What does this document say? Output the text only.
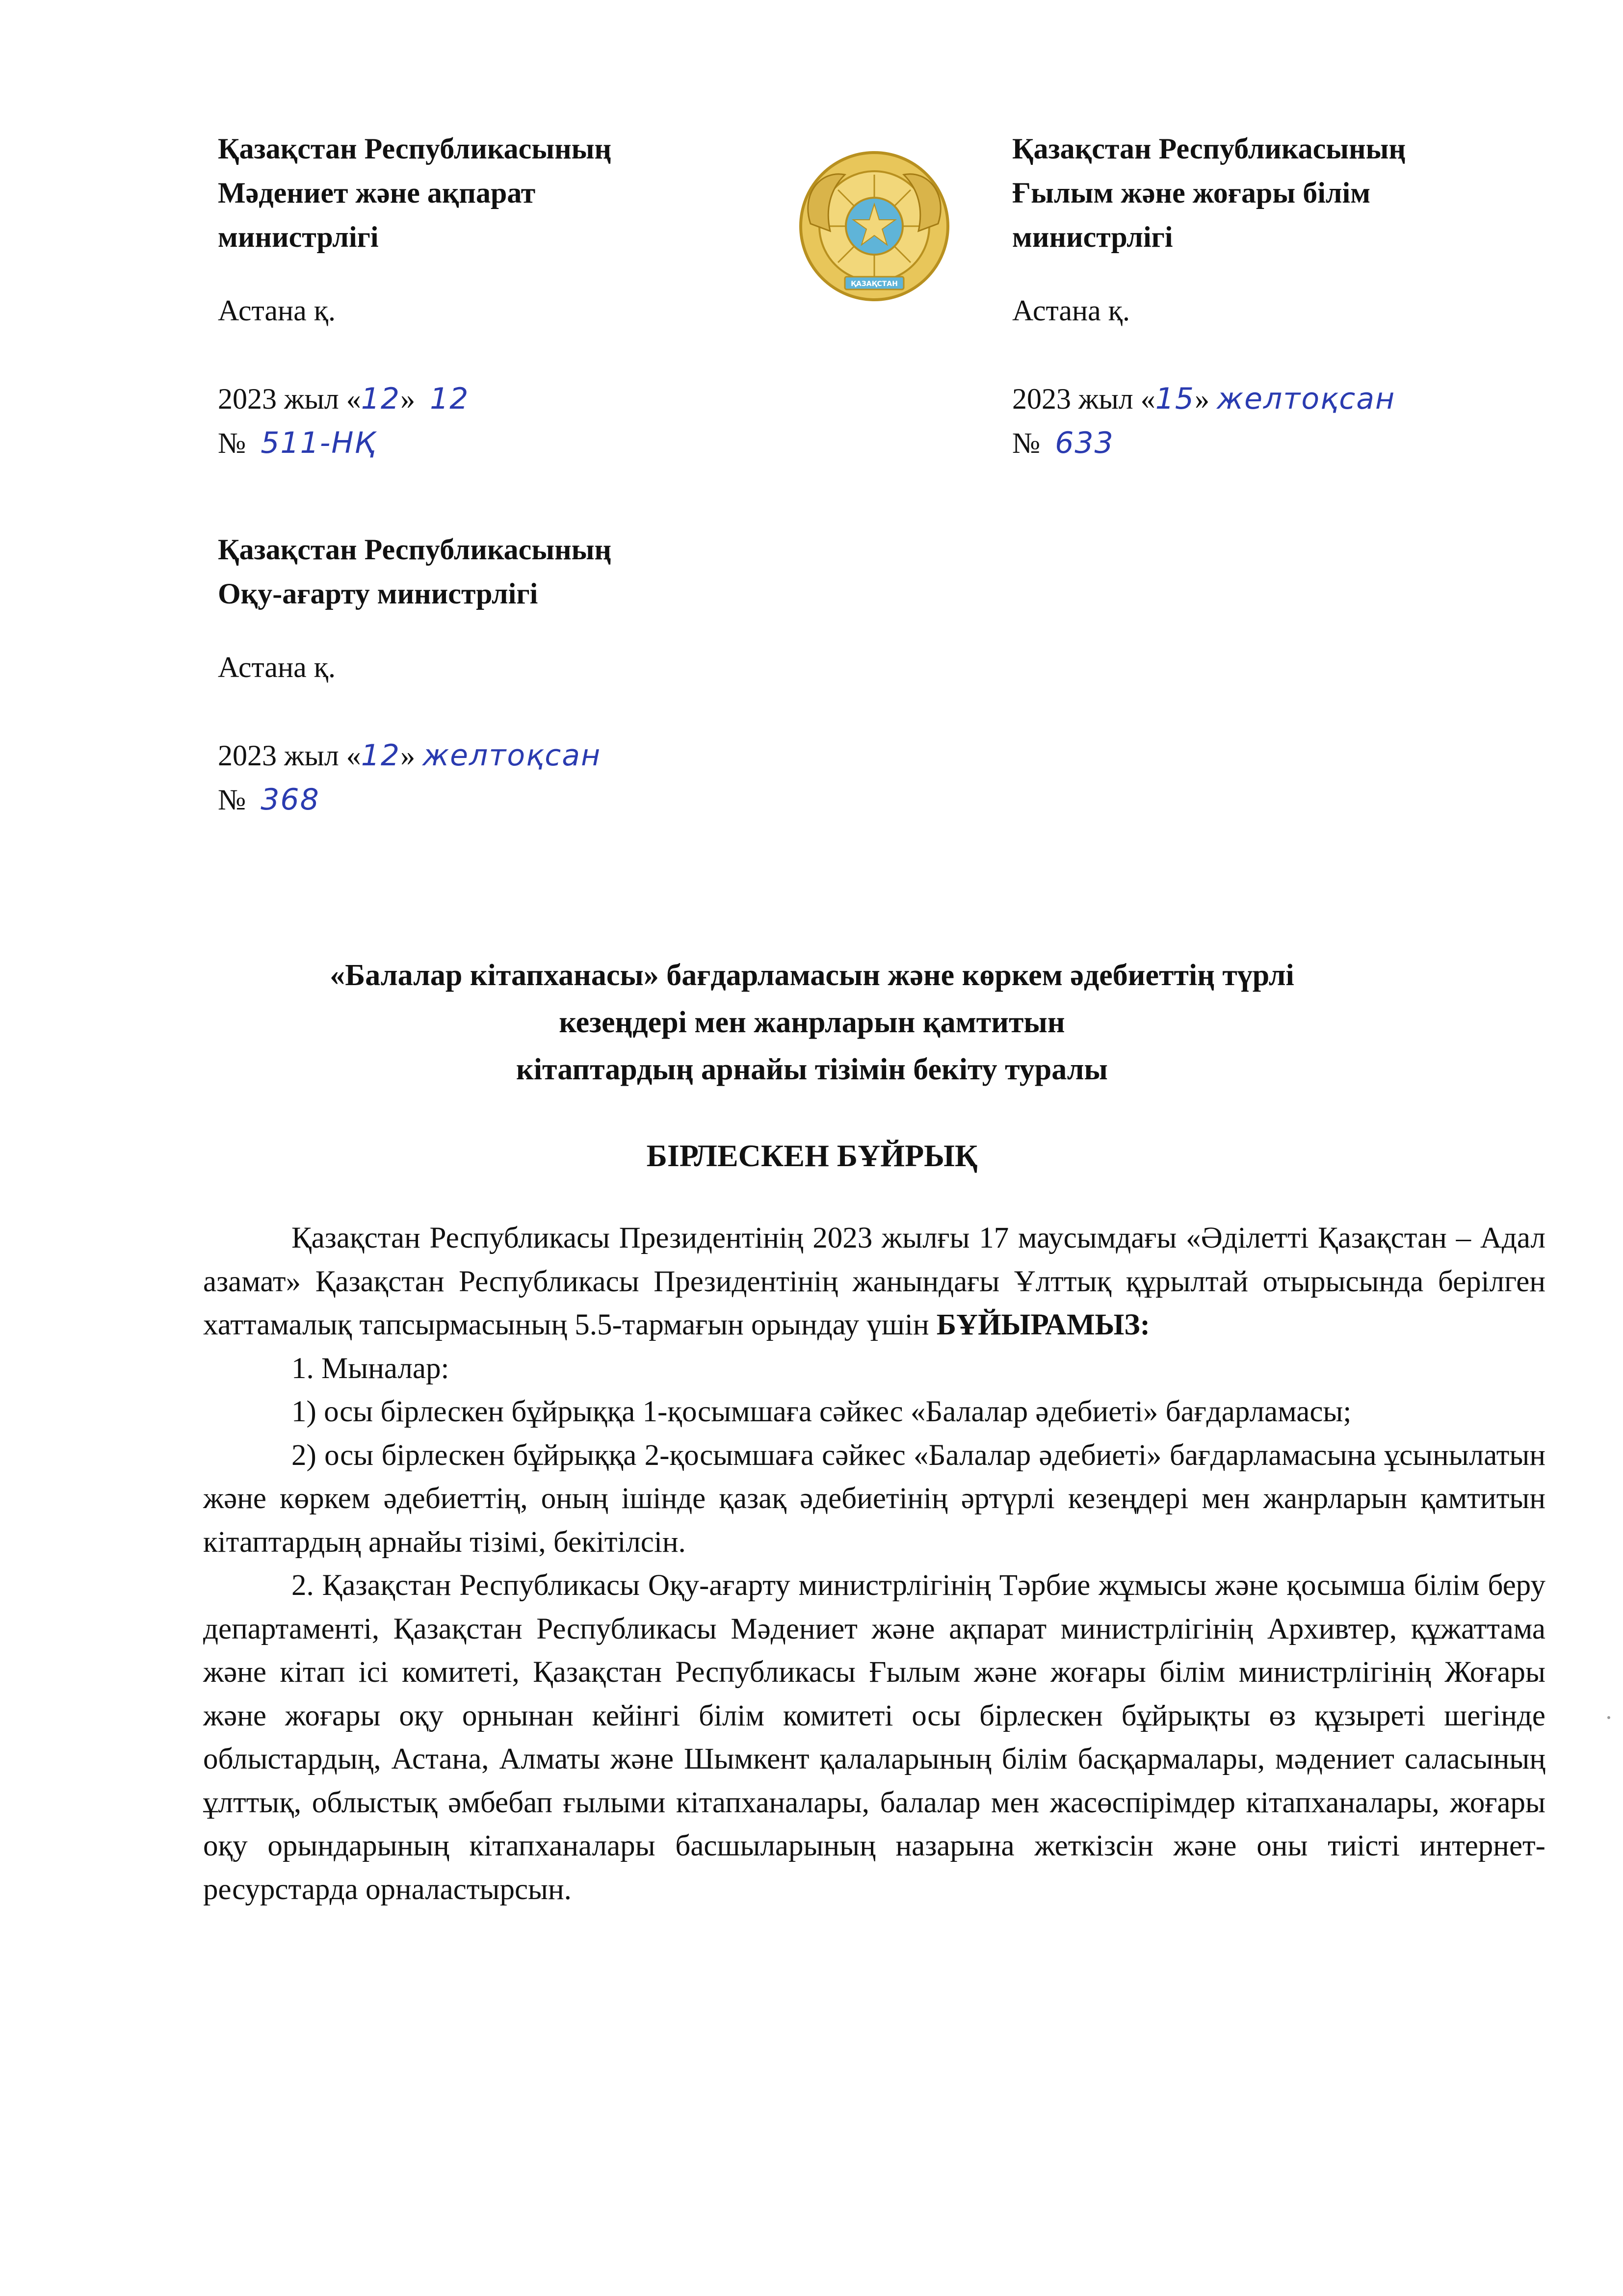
Қазақстан Республикасының
Мәдениет және ақпарат
министрлігі
Астана қ.
2023 жыл «12» 12
№ 511-НҚ
ҚАЗАҚСТАН
Қазақстан Республикасының
Ғылым және жоғары білім
министрлігі
Астана қ.
2023 жыл «15» желтоқсан
№ 633
Қазақстан Республикасының
Оқу-ағарту министрлігі
Астана қ.
2023 жыл «12» желтоқсан
№ 368
«Балалар кітапханасы» бағдарламасын және көркем әдебиеттің түрлі
кезеңдері мен жанрларын қамтитын
кітаптардың арнайы тізімін бекіту туралы
БІРЛЕСКЕН БҰЙРЫҚ

Қазақстан Республикасы Президентінің 2023 жылғы 17 маусымдағы «Әділетті Қазақстан – Адал азамат» Қазақстан Республикасы Президентінің жанындағы Ұлттық құрылтай отырысында берілген хаттамалық тапсырмасының 5.5-тармағын орындау үшін БҰЙЫРАМЫЗ:

1. Мыналар:

1) осы бірлескен бұйрыққа 1-қосымшаға сәйкес «Балалар әдебиеті» бағдарламасы;

2) осы бірлескен бұйрыққа 2-қосымшаға сәйкес «Балалар әдебиеті» бағдарламасына ұсынылатын және көркем әдебиеттің, оның ішінде қазақ әдебиетінің әртүрлі кезеңдері мен жанрларын қамтитын кітаптардың арнайы тізімі, бекітілсін.

2. Қазақстан Республикасы Оқу-ағарту министрлігінің Тәрбие жұмысы және қосымша білім беру департаменті, Қазақстан Республикасы Мәдениет және ақпарат министрлігінің Архивтер, құжаттама және кітап ісі комитеті, Қазақстан Республикасы Ғылым және жоғары білім министрлігінің Жоғары және жоғары оқу орнынан кейінгі білім комитеті осы бірлескен бұйрықты өз құзыреті шегінде облыстардың, Астана, Алматы және Шымкент қалаларының білім басқармалары, мәдениет саласының ұлттық, облыстық әмбебап ғылыми кітапханалары, балалар мен жасөспірімдер кітапханалары, жоғары оқу орындарының кітапханалары басшыларының назарына жеткізсін және оны тиісті интернет-ресурстарда орналастырсын.
